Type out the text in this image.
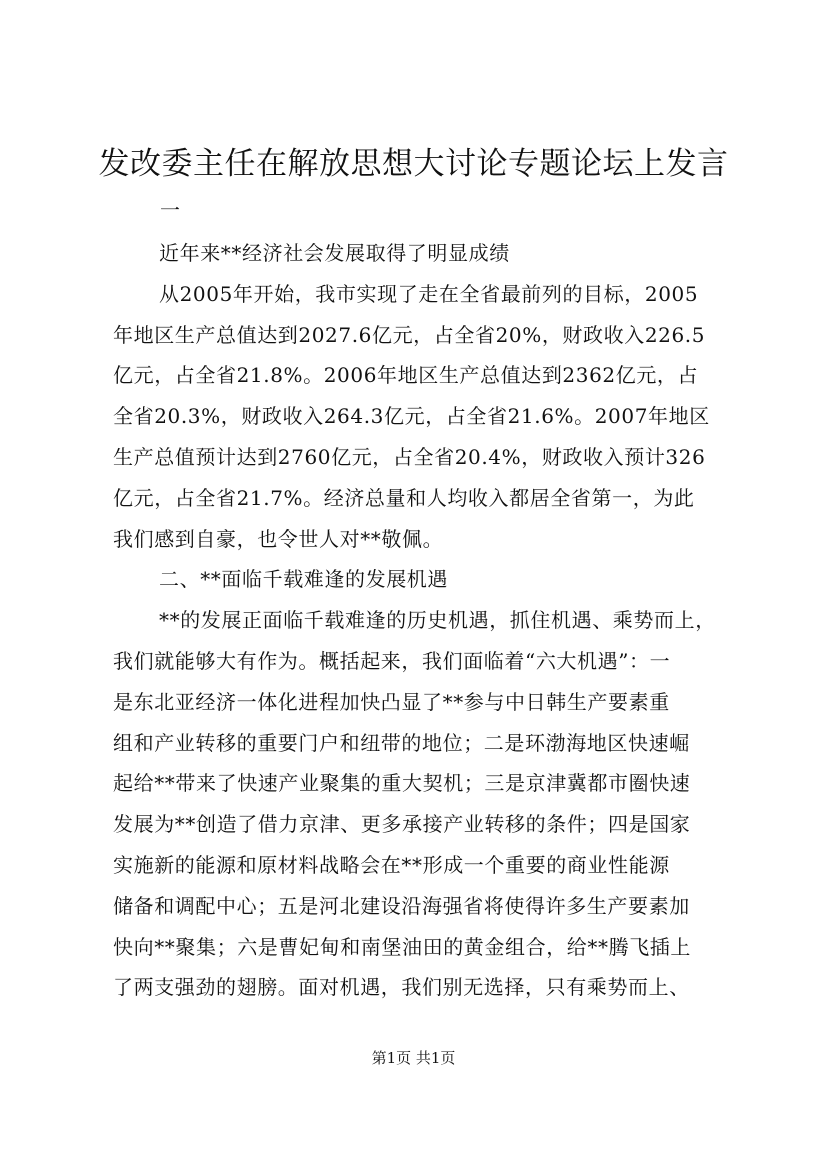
发改委主任在解放思想大讨论专题论坛上发言
一
近年来**经济社会发展取得了明显成绩
从2005年开始，我市实现了走在全省最前列的目标，2005
年地区生产总值达到2027.6亿元，占全省20%，财政收入226.5
亿元，占全省21.8%。2006年地区生产总值达到2362亿元，占
全省20.3%，财政收入264.3亿元，占全省21.6%。2007年地区
生产总值预计达到2760亿元，占全省20.4%，财政收入预计326
亿元，占全省21.7%。经济总量和人均收入都居全省第一，为此
我们感到自豪，也令世人对**敬佩。
二、**面临千载难逢的发展机遇
**的发展正面临千载难逢的历史机遇，抓住机遇、乘势而上，
我们就能够大有作为。概括起来，我们面临着“六大机遇”：一
是东北亚经济一体化进程加快凸显了**参与中日韩生产要素重
组和产业转移的重要门户和纽带的地位；二是环渤海地区快速崛
起给**带来了快速产业聚集的重大契机；三是京津冀都市圈快速
发展为**创造了借力京津、更多承接产业转移的条件；四是国家
实施新的能源和原材料战略会在**形成一个重要的商业性能源
储备和调配中心；五是河北建设沿海强省将使得许多生产要素加
快向**聚集；六是曹妃甸和南堡油田的黄金组合，给**腾飞插上
了两支强劲的翅膀。面对机遇，我们别无选择，只有乘势而上、
第1页 共1页
